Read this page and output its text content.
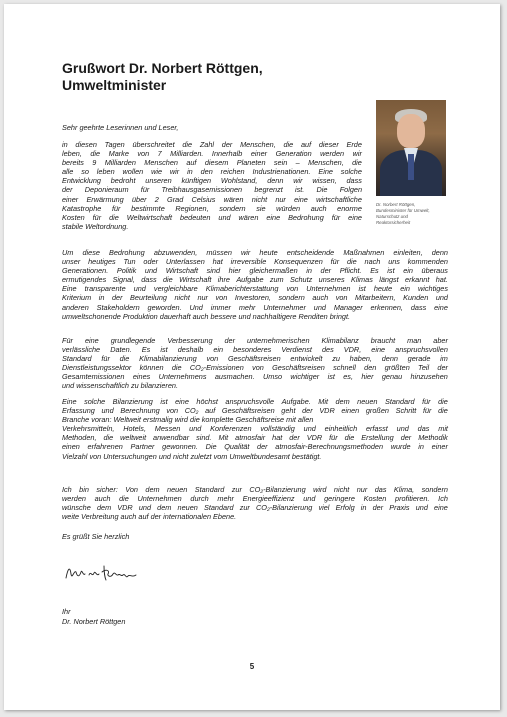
Grußwort Dr. Norbert Röttgen,
Umweltminister
Dr. Norbert Röttgen,
Bundesminister für Umwelt,
Naturschutz und
Reaktorsicherheit
Sehr geehrte Leserinnen und Leser,
in diesen Tagen überschreitet die Zahl der Menschen, die auf dieser Erde
leben, die Marke von 7 Milliarden. Innerhalb einer Generation werden wir
bereits 9 Milliarden Menschen auf diesem Planeten sein – Menschen, die
alle so leben wollen wie wir in den reichen Industrienationen. Eine solche
Entwicklung bedroht unseren künftigen Wohlstand, denn wir wissen, dass
der Deponieraum für Treibhausgasemissionen begrenzt ist. Die Folgen
einer Erwärmung über 2 Grad Celsius wären nicht nur eine wirtschaftliche
Katastrophe für bestimmte Regionen, sondern sie würden auch enorme
Kosten für die Weltwirtschaft bedeuten und wären eine Bedrohung für eine
stabile Weltordnung.
Um diese Bedrohung abzuwenden, müssen wir heute entscheidende Maßnahmen einleiten, denn
unser heutiges Tun oder Unterlassen hat irreversible Konsequenzen für die nach uns kommenden
Generationen. Politik und Wirtschaft sind hier gleichermaßen in der Pflicht. Es ist ein überaus
ermutigendes Signal, dass die Wirtschaft ihre Aufgabe zum Schutz unseres Klimas längst erkannt hat.
Eine transparente und vergleichbare Klimaberichterstattung von Unternehmen ist heute ein wichtiges
Kriterium in der Beurteilung nicht nur von Investoren, sondern auch von Mitarbeitern, Kunden und
anderen Stakeholdern geworden. Und immer mehr Unternehmer und Manager erkennen, dass eine
umweltschonende Produktion dauerhaft auch bessere und nachhaltigere Renditen bringt.
Für eine grundlegende Verbesserung der unternehmerischen Klimabilanz braucht man aber
verlässliche Daten. Es ist deshalb ein besonderes Verdienst des VDR, eine anspruchsvollen
Standard für die Klimabilanzierung von Geschäftsreisen entwickelt zu haben, denn gerade im
Dienstleistungssektor können die CO₂-Emissionen von Geschäftsreisen schnell den größten Teil der
Gesamtemissionen eines Unternehmens ausmachen. Umso wichtiger ist es, hier genau hinzusehen
und wissenschaftlich zu bilanzieren.
Eine solche Bilanzierung ist eine höchst anspruchsvolle Aufgabe. Mit dem neuen Standard für die
Erfassung und Berechnung von CO₂ auf Geschäftsreisen geht der VDR einen großen Schritt für die
Branche voran: Weltweit erstmalig wird die komplette Geschäftsreise mit allen
Verkehrsmitteln, Hotels, Messen und Konferenzen vollständig und einheitlich erfasst und das mit
Methoden, die weltweit anwendbar sind. Mit atmosfair hat der VDR für die Erstellung der Methodik
einen erfahrenen Partner gewonnen. Die Qualität der atmosfair-Berechnungsmethoden wurde in einer
Vielzahl von Untersuchungen und nicht zuletzt vom Umweltbundesamt bestätigt.
Ich bin sicher: Von dem neuen Standard zur CO₂-Bilanzierung wird nicht nur das Klima, sondern
werden auch die Unternehmen durch mehr Energieeffizienz und geringere Kosten profitieren. Ich
wünsche dem VDR und dem neuen Standard zur CO₂-Bilanzierung viel Erfolg in der Praxis und eine
weite Verbreitung auch auf der internationalen Ebene.
Es grüßt Sie herzlich
Ihr
Dr. Norbert Röttgen
5
